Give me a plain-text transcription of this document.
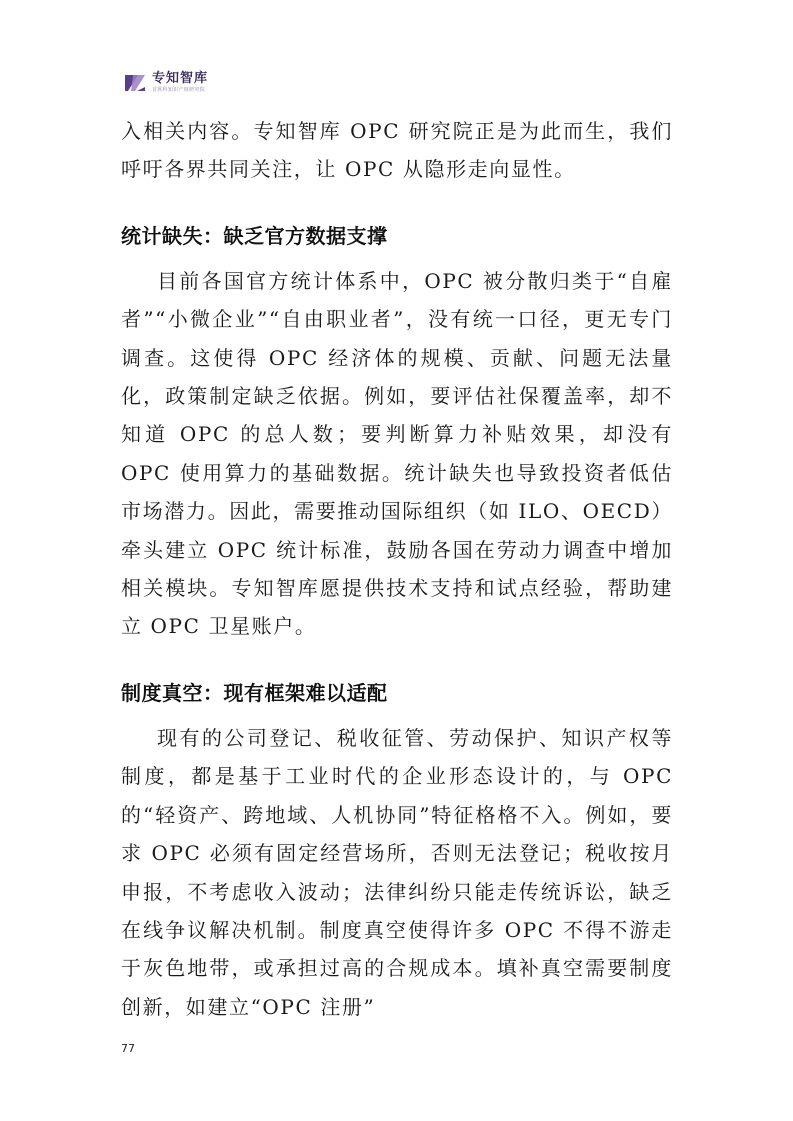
专知智库
首席科知识产权研究院

入相关内容。专知智库 OPC 研究院正是为此而生，我们呼吁各界共同关注，让 OPC 从隐形走向显性。

统计缺失：缺乏官方数据支撑

目前各国官方统计体系中，OPC 被分散归类于“自雇者”“小微企业”“自由职业者”，没有统一口径，更无专门调查。这使得 OPC 经济体的规模、贡献、问题无法量化，政策制定缺乏依据。例如，要评估社保覆盖率，却不知道 OPC 的总人数；要判断算力补贴效果，却没有 OPC 使用算力的基础数据。统计缺失也导致投资者低估市场潜力。因此，需要推动国际组织（如 ILO、OECD）牵头建立 OPC 统计标准，鼓励各国在劳动力调查中增加相关模块。专知智库愿提供技术支持和试点经验，帮助建立 OPC 卫星账户。

制度真空：现有框架难以适配

现有的公司登记、税收征管、劳动保护、知识产权等制度，都是基于工业时代的企业形态设计的，与 OPC 的“轻资产、跨地域、人机协同”特征格格不入。例如，要求 OPC 必须有固定经营场所，否则无法登记；税收按月申报，不考虑收入波动；法律纠纷只能走传统诉讼，缺乏在线争议解决机制。制度真空使得许多 OPC 不得不游走于灰色地带，或承担过高的合规成本。填补真空需要制度创新，如建立“OPC 注册”

77
